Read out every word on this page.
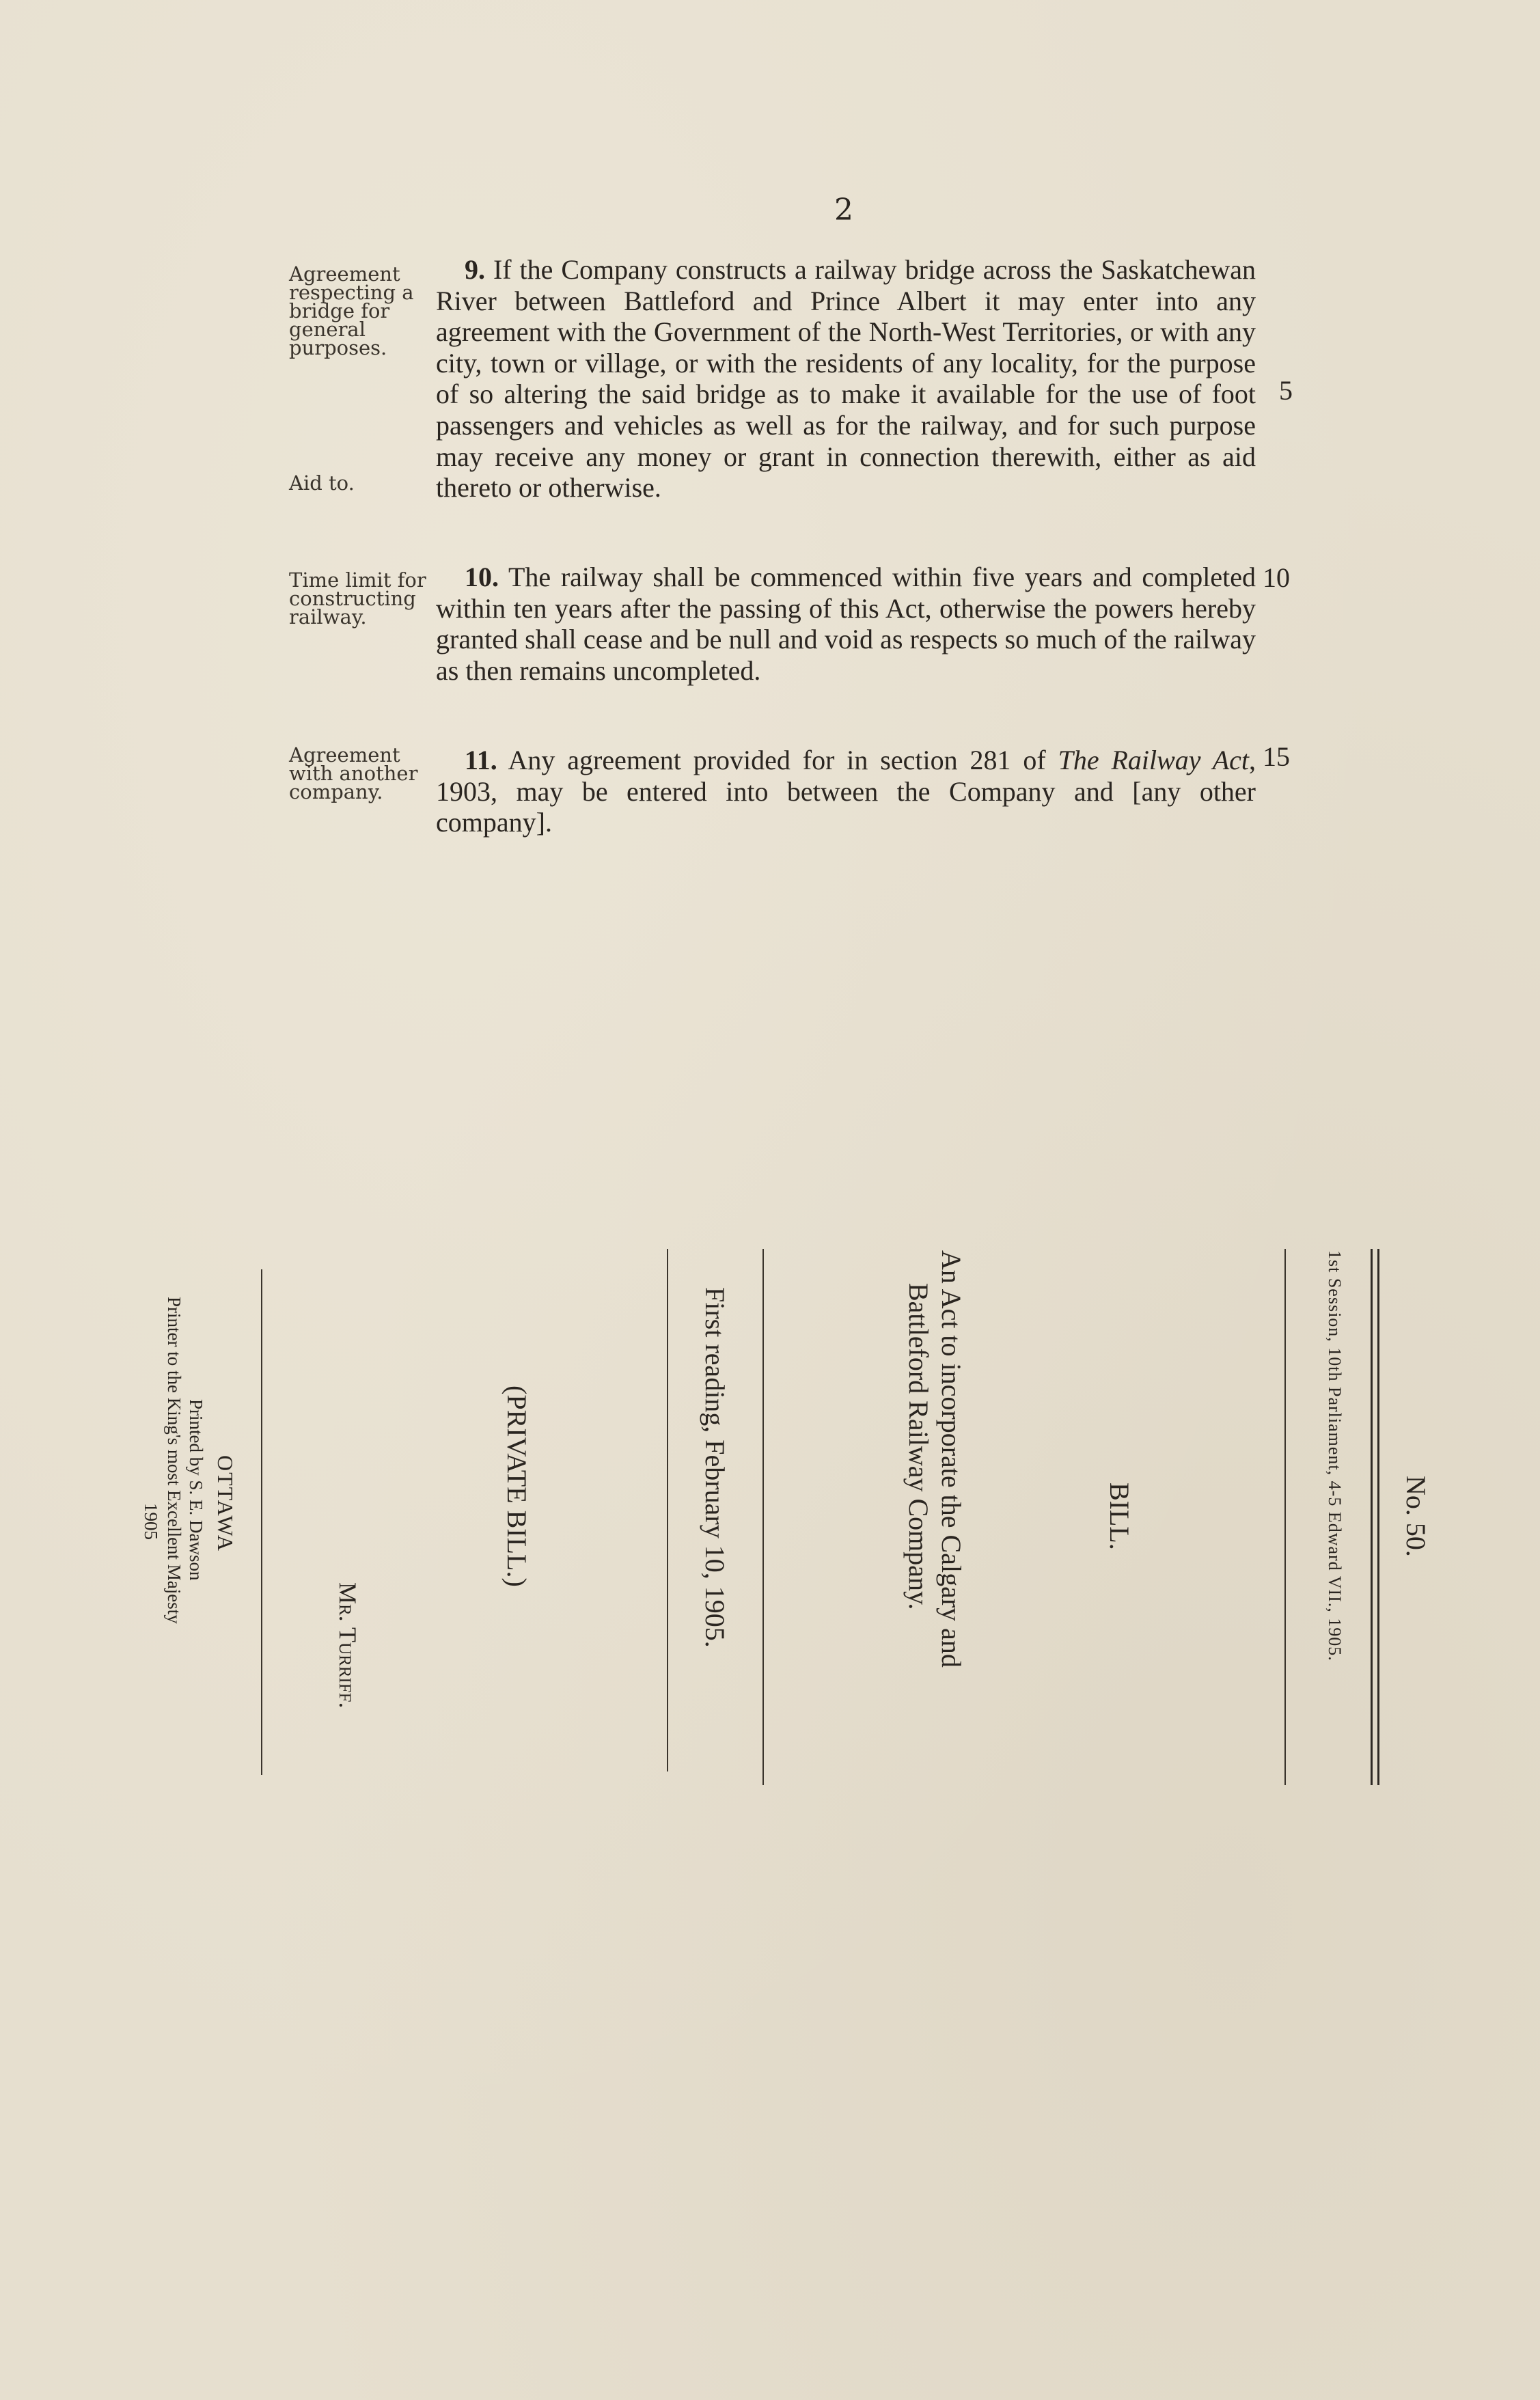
2
Agreement
respecting a
bridge for
general
purposes.
Aid to.
Time limit for
constructing
railway.
Agreement
with another
company.

9. If the Company constructs a railway bridge across the Saskatchewan River between Battleford and Prince Albert it may enter into any agreement with the Government of the North-West Territories, or with any city, town or village, or with the residents of any locality, for the purpose of so altering the said bridge as to make it available for the use of foot passengers and vehicles as well as for the railway, and for such purpose may receive any money or grant in connection therewith, either as aid thereto or otherwise.

10. The railway shall be commenced within five years and completed within ten years after the passing of this Act, otherwise the powers hereby granted shall cease and be null and void as respects so much of the railway as then remains uncompleted.

11. Any agreement provided for in section 281 of The Railway Act, 1903, may be entered into between the Company and [any other company].

5
10
15
No. 50.
1st Session, 10th Parliament, 4-5 Edward VII., 1905.
BILL.
An Act to incorporate the Calgary and
Battleford Railway Company.
First reading, February 10, 1905.
(PRIVATE BILL.)
Mr. Turriff.
OTTAWA
Printed by S. E. Dawson
Printer to the King's most Excellent Majesty
1905
